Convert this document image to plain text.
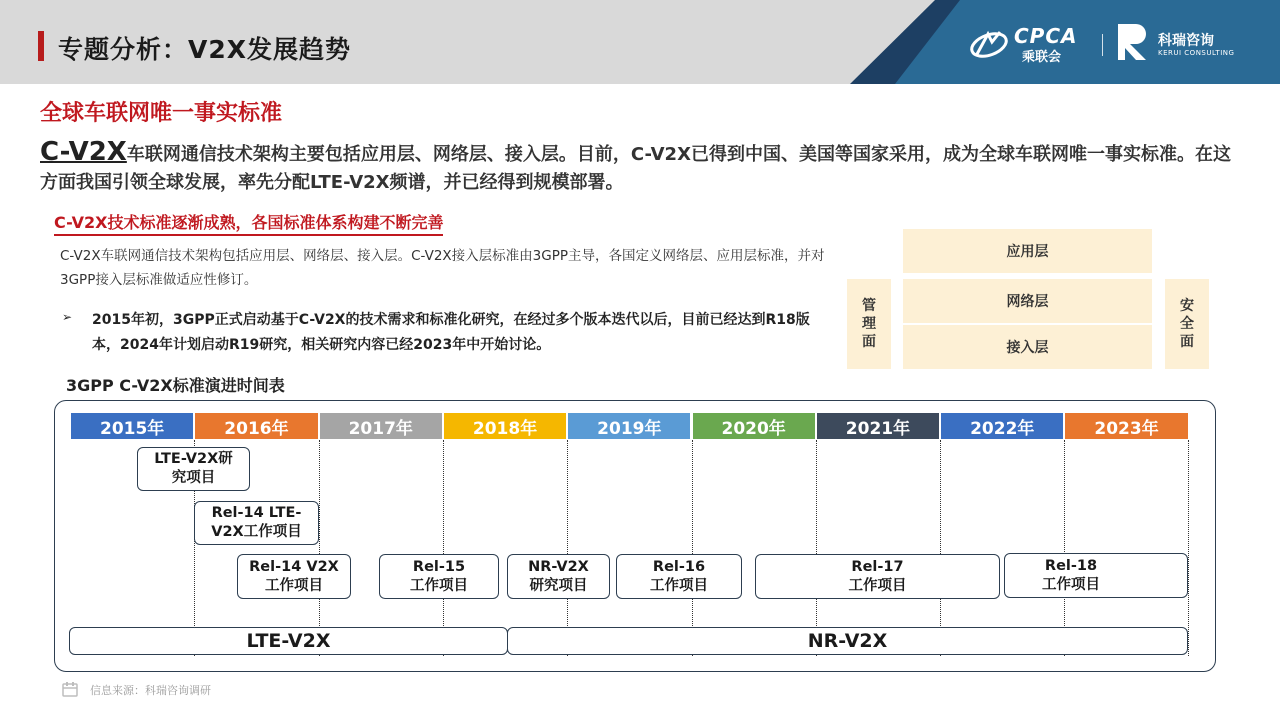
专题分析：V2X发展趋势	CPCA
乘联会
科瑞咨询
KERUI CONSULTING
全球车联网唯一事实标准
C-V2X车联网通信技术架构主要包括应用层、网络层、接入层。目前，C-V2X已得到中国、美国等国家采用，成为全球车联网唯一事实标准。在这方面我国引领全球发展，率先分配LTE-V2X频谱，并已经得到规模部署。
C-V2X技术标准逐渐成熟，各国标准体系构建不断完善
C-V2X车联网通信技术架构包括应用层、网络层、接入层。C-V2X接入层标准由3GPP主导，各国定义网络层、应用层标准，并对3GPP接入层标准做适应性修订。
➢ 2015年初，3GPP正式启动基于C-V2X的技术需求和标准化研究，在经过多个版本迭代以后，目前已经达到R18版本，2024年计划启动R19研究，相关研究内容已经2023年中开始讨论。
应用层
网络层
接入层
管
理
面
安
全
面
3GPP C-V2X标准演进时间表
2015年	2016年	2017年	2018年	2019年	2020年	2021年	2022年	2023年
LTE-V2X研
究项目
Rel-14 LTE-
V2X工作项目
Rel-14 V2X
工作项目
Rel-15
工作项目
NR-V2X
研究项目
Rel-16
工作项目
Rel-17
工作项目
Rel-18
工作项目
LTE-V2X	NR-V2X
信息来源：科瑞咨询调研
